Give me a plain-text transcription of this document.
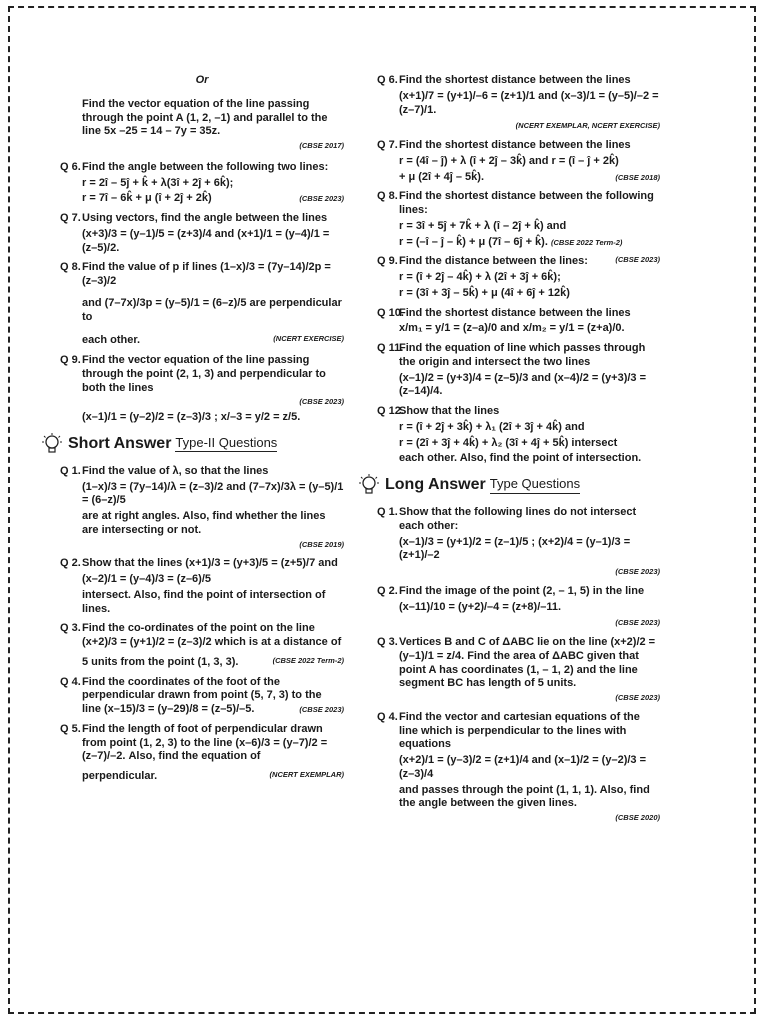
Or
Find the vector equation of the line passing through the point A (1, 2, –1) and parallel to the line 5x –25 = 14 – 7y = 35z.
(CBSE 2017)
Q 6. Find the angle between the following two lines:
r = 2î – 5ĵ + k̂ + λ(3î + 2ĵ + 6k̂);
r = 7î – 6k̂ + μ (î + 2ĵ + 2k̂)	(CBSE 2023)
Q 7. Using vectors, find the angle between the lines
(x+3)/3 = (y–1)/5 = (z+3)/4 and (x+1)/1 = (y–4)/1 = (z–5)/2.
Q 8. Find the value of p if lines (1–x)/3 = (7y–14)/2p = (z–3)/2
and (7–7x)/3p = (y–5)/1 = (6–z)/5 are perpendicular to
each other.	(NCERT EXERCISE)
Q 9. Find the vector equation of the line passing through the point (2, 1, 3) and perpendicular to both the lines
(CBSE 2023)
(x–1)/1 = (y–2)/2 = (z–3)/3 ; x/–3 = y/2 = z/5.
Short Answer Type-II Questions
Q 1. Find the value of λ, so that the lines
(1–x)/3 = (7y–14)/λ = (z–3)/2 and (7–7x)/3λ = (y–5)/1 = (6–z)/5
are at right angles. Also, find whether the lines are intersecting or not.
(CBSE 2019)
Q 2. Show that the lines (x+1)/3 = (y+3)/5 = (z+5)/7 and
(x–2)/1 = (y–4)/3 = (z–6)/5
intersect. Also, find the point of intersection of lines.
Q 3. Find the co-ordinates of the point on the line (x+2)/3 = (y+1)/2 = (z–3)/2 which is at a distance of
5 units from the point (1, 3, 3).	(CBSE 2022 Term-2)
Q 4. Find the coordinates of the foot of the perpendicular drawn from point (5, 7, 3) to the
line (x–15)/3 = (y–29)/8 = (z–5)/–5.	(CBSE 2023)
Q 5. Find the length of foot of perpendicular drawn from point (1, 2, 3) to the line (x–6)/3 = (y–7)/2 = (z–7)/–2. Also, find the equation of
perpendicular.	(NCERT EXEMPLAR)
Q 6. Find the shortest distance between the lines
(x+1)/7 = (y+1)/–6 = (z+1)/1 and (x–3)/1 = (y–5)/–2 = (z–7)/1.
(NCERT EXEMPLAR, NCERT EXERCISE)
Q 7. Find the shortest distance between the lines
r = (4î – ĵ) + λ (î + 2ĵ – 3k̂) and r = (î – ĵ + 2k̂)
+ μ (2î + 4ĵ – 5k̂).	(CBSE 2018)
Q 8. Find the shortest distance between the following lines:
r = 3î + 5ĵ + 7k̂ + λ (î – 2ĵ + k̂) and
r = (–î – ĵ – k̂) + μ (7î – 6ĵ + k̂). (CBSE 2022 Term-2)
Q 9. Find the distance between the lines:	(CBSE 2023)
r = (î + 2ĵ – 4k̂) + λ (2î + 3ĵ + 6k̂);
r = (3î + 3ĵ – 5k̂) + μ (4î + 6ĵ + 12k̂)
Q 10.
Find the shortest distance between the lines
x/m₁ = y/1 = (z–a)/0 and x/m₂ = y/1 = (z+a)/0.
Q 11.
Find the equation of line which passes through the origin and intersect the two lines
(x–1)/2 = (y+3)/4 = (z–5)/3 and (x–4)/2 = (y+3)/3 = (z–14)/4.
Q 12.
Show that the lines
r = (î + 2ĵ + 3k̂) + λ₁ (2î + 3ĵ + 4k̂) and
r = (2î + 3ĵ + 4k̂) + λ₂ (3î + 4ĵ + 5k̂) intersect
each other. Also, find the point of intersection.
Long Answer Type Questions
Q 1. Show that the following lines do not intersect each other:
(x–1)/3 = (y+1)/2 = (z–1)/5 ; (x+2)/4 = (y–1)/3 = (z+1)/–2
(CBSE 2023)
Q 2. Find the image of the point (2, – 1, 5) in the line
(x–11)/10 = (y+2)/–4 = (z+8)/–11.
(CBSE 2023)
Q 3. Vertices B and C of ΔABC lie on the line (x+2)/2 = (y–1)/1 = z/4. Find the area of ΔABC given that point A has coordinates (1, – 1, 2) and the line segment BC has length of 5 units.
(CBSE 2023)
Q 4. Find the vector and cartesian equations of the line which is perpendicular to the lines with equations
(x+2)/1 = (y–3)/2 = (z+1)/4 and (x–1)/2 = (y–2)/3 = (z–3)/4
and passes through the point (1, 1, 1). Also, find the angle between the given lines.
(CBSE 2020)
